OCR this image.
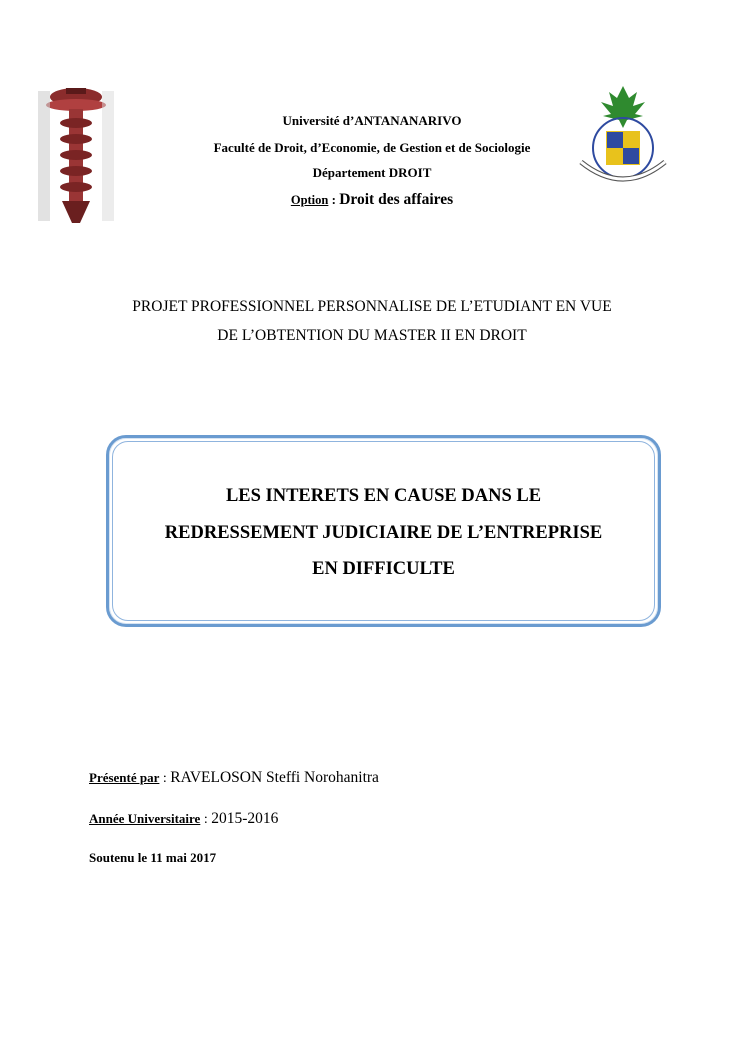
Université d’ANTANANARIVO
Faculté de Droit, d’Economie, de Gestion et de Sociologie
Département DROIT
Option : Droit des affaires
PROJET PROFESSIONNEL PERSONNALISE DE L’ETUDIANT EN VUE
DE L’OBTENTION DU MASTER II EN DROIT
LES INTERETS EN CAUSE DANS LE
REDRESSEMENT JUDICIAIRE DE L’ENTREPRISE
EN DIFFICULTE
Présenté par : RAVELOSON Steffi Norohanitra
Année Universitaire : 2015-2016
Soutenu le 11 mai 2017
